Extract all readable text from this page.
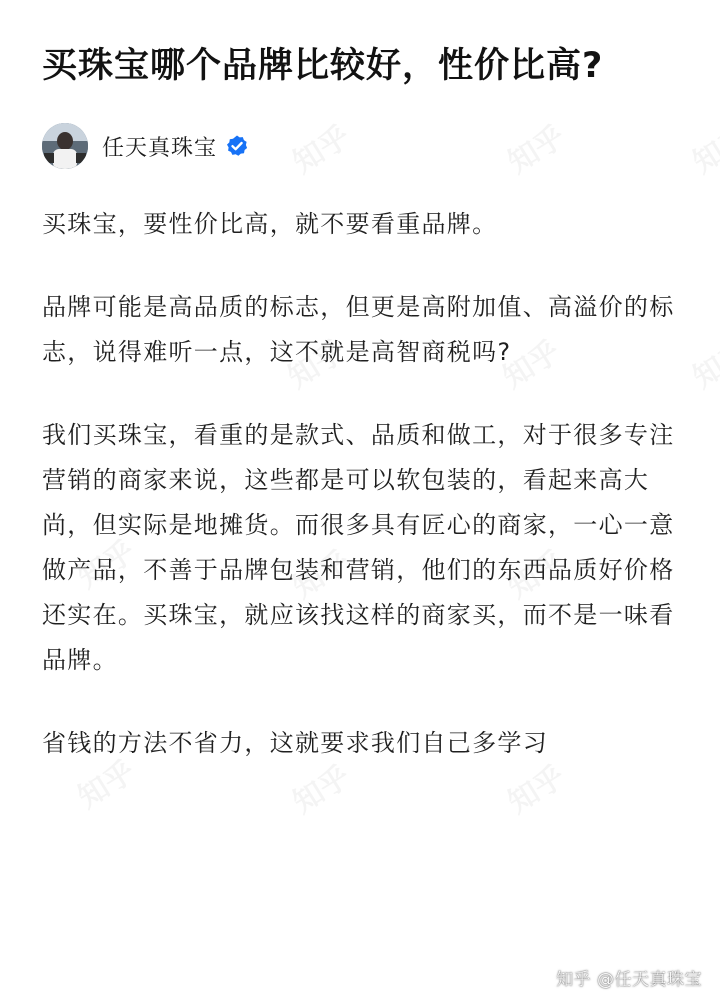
买珠宝哪个品牌比较好，性价比高?
任天真珠宝

买珠宝，要性价比高，就不要看重品牌。

品牌可能是高品质的标志，但更是高附加值、高溢价的标志，说得难听一点，这不就是高智商税吗?

我们买珠宝，看重的是款式、品质和做工，对于很多专注营销的商家来说，这些都是可以软包装的，看起来高大尚，但实际是地摊货。而很多具有匠心的商家，一心一意做产品，不善于品牌包装和营销，他们的东西品质好价格还实在。买珠宝，就应该找这样的商家买，而不是一味看品牌。

省钱的方法不省力，这就要求我们自己多学习

知乎 @任天真珠宝
